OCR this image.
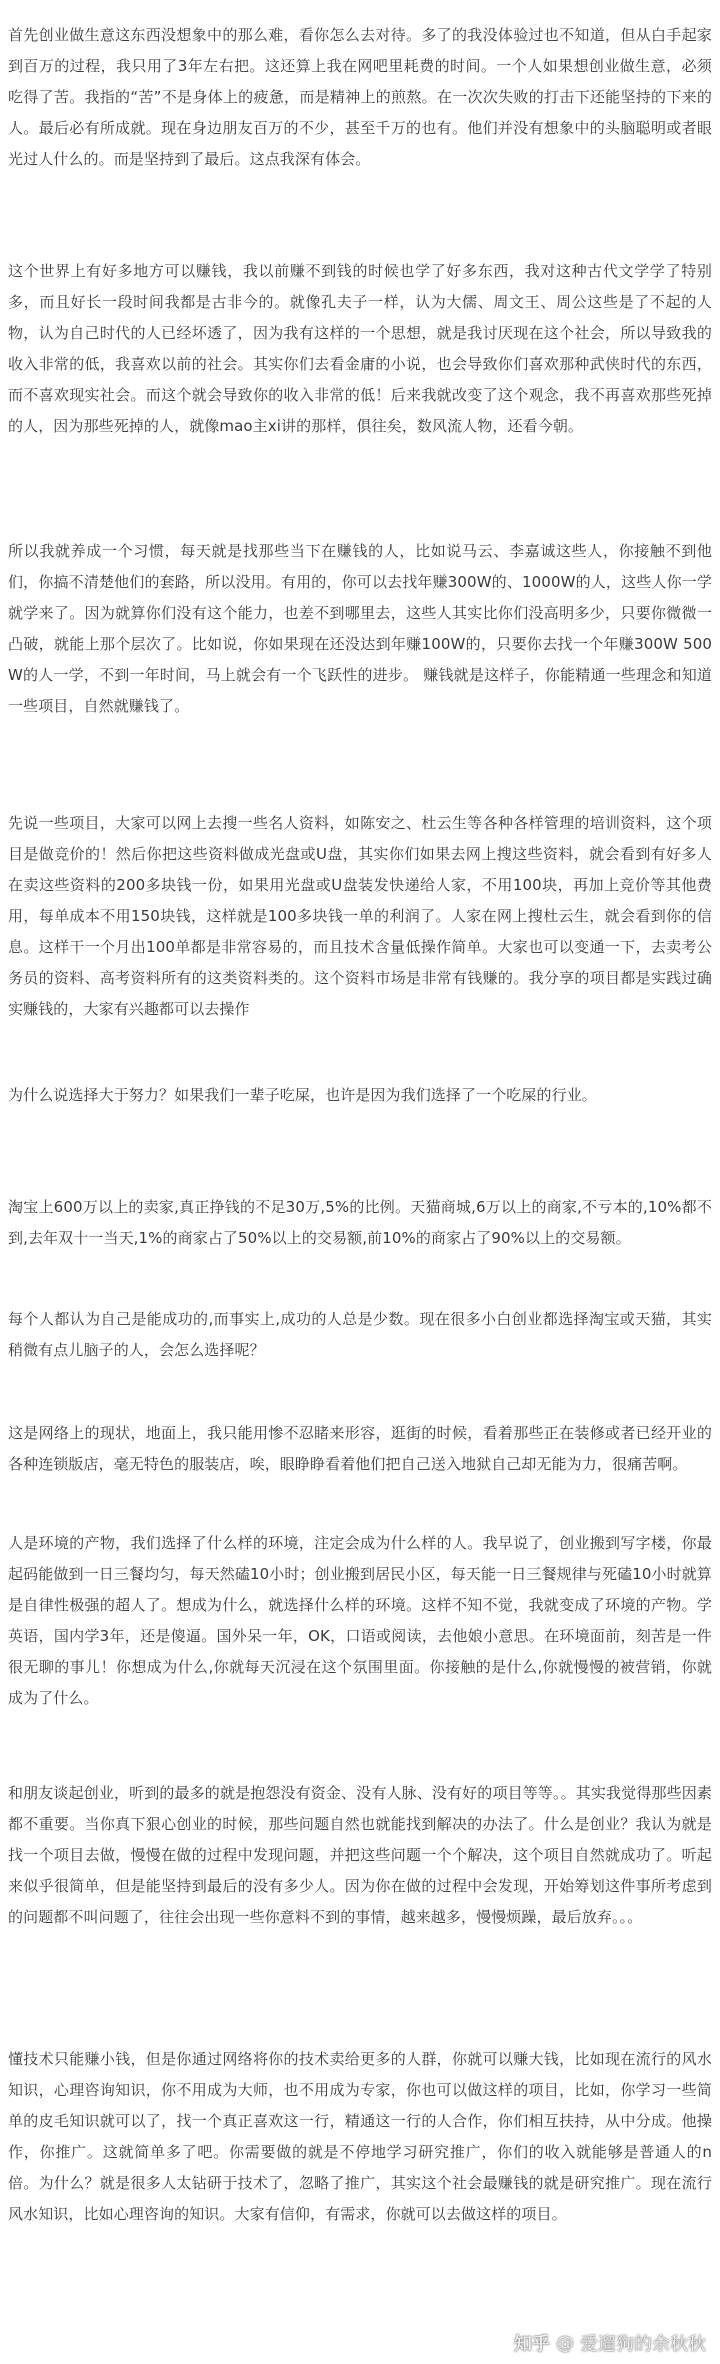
首先创业做生意这东西没想象中的那么难，看你怎么去对待。多了的我没体验过也不知道，但从白手起家到百万的过程，我只用了3年左右把。这还算上我在网吧里耗费的时间。一个人如果想创业做生意，必须吃得了苦。我指的“苦”不是身体上的疲惫，而是精神上的煎熬。在一次次失败的打击下还能坚持的下来的人。最后必有所成就。现在身边朋友百万的不少，甚至千万的也有。他们并没有想象中的头脑聪明或者眼光过人什么的。而是坚持到了最后。这点我深有体会。

这个世界上有好多地方可以赚钱，我以前赚不到钱的时候也学了好多东西，我对这种古代文学学了特别多，而且好长一段时间我都是古非今的。就像孔夫子一样，认为大儒、周文王、周公这些是了不起的人物，认为自己时代的人已经坏透了，因为我有这样的一个思想，就是我讨厌现在这个社会，所以导致我的收入非常的低，我喜欢以前的社会。其实你们去看金庸的小说，也会导致你们喜欢那种武侠时代的东西，而不喜欢现实社会。而这个就会导致你的收入非常的低！后来我就改变了这个观念，我不再喜欢那些死掉的人，因为那些死掉的人，就像mao主xi讲的那样，俱往矣，数风流人物，还看今朝。

所以我就养成一个习惯，每天就是找那些当下在赚钱的人，比如说马云、李嘉诚这些人，你接触不到他们，你搞不清楚他们的套路，所以没用。有用的，你可以去找年赚300W的、1000W的人，这些人你一学就学来了。因为就算你们没有这个能力，也差不到哪里去，这些人其实比你们没高明多少，只要你微微一凸破，就能上那个层次了。比如说，你如果现在还没达到年赚100W的，只要你去找一个年赚300W 500W的人一学，不到一年时间，马上就会有一个飞跃性的进步。 赚钱就是这样子，你能精通一些理念和知道一些项目，自然就赚钱了。

先说一些项目，大家可以网上去搜一些名人资料，如陈安之、杜云生等各种各样管理的培训资料，这个项目是做竞价的！然后你把这些资料做成光盘或U盘，其实你们如果去网上搜这些资料，就会看到有好多人在卖这些资料的200多块钱一份，如果用光盘或U盘装发快递给人家，不用100块，再加上竞价等其他费用，每单成本不用150块钱，这样就是100多块钱一单的利润了。人家在网上搜杜云生，就会看到你的信息。这样干一个月出100单都是非常容易的，而且技术含量低操作简单。大家也可以变通一下，去卖考公务员的资料、高考资料所有的这类资料类的。这个资料市场是非常有钱赚的。我分享的项目都是实践过确实赚钱的，大家有兴趣都可以去操作

为什么说选择大于努力？如果我们一辈子吃屎，也许是因为我们选择了一个吃屎的行业。

淘宝上600万以上的卖家,真正挣钱的不足30万,5%的比例。天猫商城,6万以上的商家,不亏本的,10%都不到,去年双十一当天,1%的商家占了50%以上的交易额,前10%的商家占了90%以上的交易额。

每个人都认为自己是能成功的,而事实上,成功的人总是少数。现在很多小白创业都选择淘宝或天猫，其实稍微有点儿脑子的人，会怎么选择呢？

这是网络上的现状，地面上，我只能用惨不忍睹来形容，逛街的时候，看着那些正在装修或者已经开业的各种连锁版店，毫无特色的服装店，唉，眼睁睁看着他们把自己送入地狱自己却无能为力，很痛苦啊。

人是环境的产物，我们选择了什么样的环境，注定会成为什么样的人。我早说了，创业搬到写字楼，你最起码能做到一日三餐均匀，每天然磕10小时；创业搬到居民小区，每天能一日三餐规律与死磕10小时就算是自律性极强的超人了。想成为什么，就选择什么样的环境。这样不知不觉，我就变成了环境的产物。学英语，国内学3年，还是傻逼。国外呆一年，OK，口语或阅读，去他娘小意思。在环境面前，刻苦是一件很无聊的事儿！你想成为什么,你就每天沉浸在这个氛围里面。你接触的是什么,你就慢慢的被营销，你就成为了什么。

和朋友谈起创业，听到的最多的就是抱怨没有资金、没有人脉、没有好的项目等等。。其实我觉得那些因素都不重要。当你真下狠心创业的时候，那些问题自然也就能找到解决的办法了。什么是创业？我认为就是找一个项目去做，慢慢在做的过程中发现问题，并把这些问题一个个解决，这个项目自然就成功了。听起来似乎很简单，但是能坚持到最后的没有多少人。因为你在做的过程中会发现，开始筹划这件事所考虑到的问题都不叫问题了，往往会出现一些你意料不到的事情，越来越多，慢慢烦躁，最后放弃。。。

懂技术只能赚小钱，但是你通过网络将你的技术卖给更多的人群，你就可以赚大钱，比如现在流行的风水知识，心理咨询知识，你不用成为大师，也不用成为专家，你也可以做这样的项目，比如，你学习一些简单的皮毛知识就可以了，找一个真正喜欢这一行，精通这一行的人合作，你们相互扶持，从中分成。他操作，你推广。这就简单多了吧。你需要做的就是不停地学习研究推广，你们的收入就能够是普通人的n倍。为什么？就是很多人太钻研于技术了，忽略了推广，其实这个社会最赚钱的就是研究推广。现在流行风水知识，比如心理咨询的知识。大家有信仰，有需求，你就可以去做这样的项目。

知乎 @ 爱遛狗的余秋秋
